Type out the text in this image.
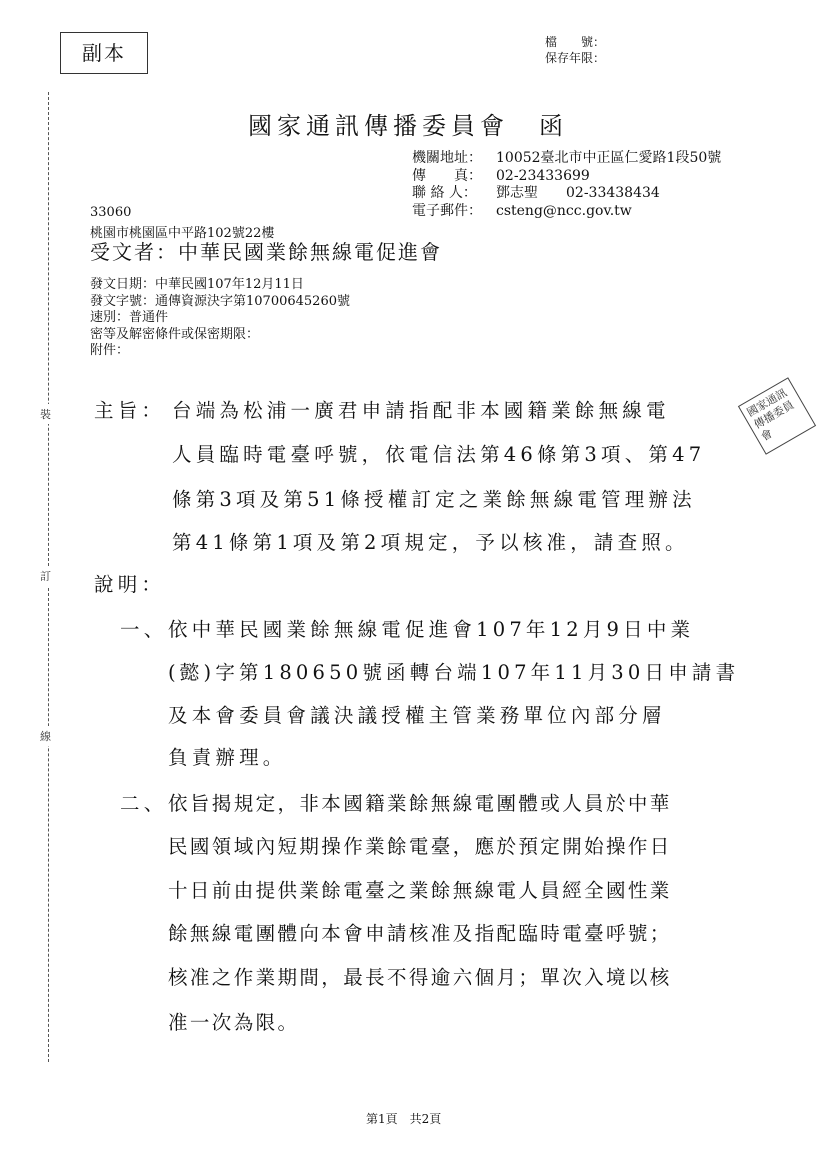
副本	檔　　號：
保存年限：
國家通訊傳播委員會 函
機關地址： 10052臺北市中正區仁愛路1段50號
傳　　真： 02-23433699
聯 絡 人： 鄧志聖　　02-33438434
電子郵件： csteng@ncc.gov.tw
33060
桃園市桃園區中平路102號22樓
受文者：中華民國業餘無線電促進會
發文日期：中華民國107年12月11日
發文字號：通傳資源決字第10700645260號
速別：普通件
密等及解密條件或保密期限：
附件：
主旨： 台端為松浦一廣君申請指配非本國籍業餘無線電
人員臨時電臺呼號，依電信法第46條第3項、第47
條第3項及第51條授權訂定之業餘無線電管理辦法
第41條第1項及第2項規定，予以核准，請查照。
說明：
一、 依中華民國業餘無線電促進會107年12月9日中業
(懿)字第180650號函轉台端107年11月30日申請書
及本會委員會議決議授權主管業務單位內部分層
負責辦理。
二、 依旨揭規定，非本國籍業餘無線電團體或人員於中華
民國領域內短期操作業餘電臺，應於預定開始操作日
十日前由提供業餘電臺之業餘無線電人員經全國性業
餘無線電團體向本會申請核准及指配臨時電臺呼號；
核准之作業期間，最長不得逾六個月；單次入境以核
准一次為限。
裝
訂
線
國家通訊傳播委員會
第1頁　共2頁
